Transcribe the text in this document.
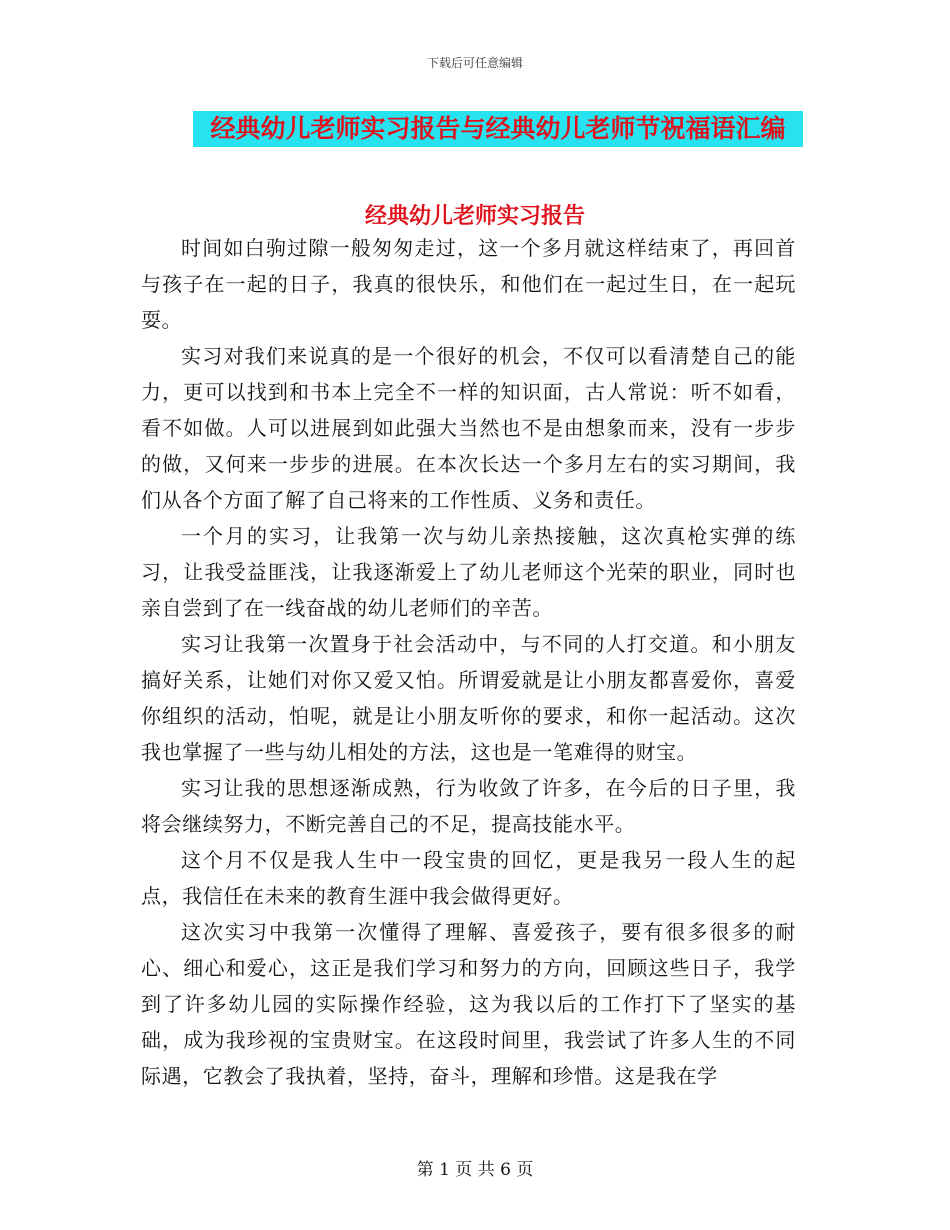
下载后可任意编辑
经典幼儿老师实习报告与经典幼儿老师节祝福语汇编
经典幼儿老师实习报告

时间如白驹过隙一般匆匆走过，这一个多月就这样结束了，再回首与孩子在一起的日子，我真的很快乐，和他们在一起过生日，在一起玩耍。

实习对我们来说真的是一个很好的机会，不仅可以看清楚自己的能力，更可以找到和书本上完全不一样的知识面，古人常说：听不如看，看不如做。人可以进展到如此强大当然也不是由想象而来，没有一步步的做，又何来一步步的进展。在本次长达一个多月左右的实习期间，我们从各个方面了解了自己将来的工作性质、义务和责任。

一个月的实习，让我第一次与幼儿亲热接触，这次真枪实弹的练习，让我受益匪浅，让我逐渐爱上了幼儿老师这个光荣的职业，同时也亲自尝到了在一线奋战的幼儿老师们的辛苦。

实习让我第一次置身于社会活动中，与不同的人打交道。和小朋友搞好关系，让她们对你又爱又怕。所谓爱就是让小朋友都喜爱你，喜爱你组织的活动，怕呢，就是让小朋友听你的要求，和你一起活动。这次我也掌握了一些与幼儿相处的方法，这也是一笔难得的财宝。

实习让我的思想逐渐成熟，行为收敛了许多，在今后的日子里，我将会继续努力，不断完善自己的不足，提高技能水平。

这个月不仅是我人生中一段宝贵的回忆，更是我另一段人生的起点，我信任在未来的教育生涯中我会做得更好。

这次实习中我第一次懂得了理解、喜爱孩子，要有很多很多的耐心、细心和爱心，这正是我们学习和努力的方向，回顾这些日子，我学到了许多幼儿园的实际操作经验，这为我以后的工作打下了坚实的基础，成为我珍视的宝贵财宝。在这段时间里，我尝试了许多人生的不同际遇，它教会了我执着，坚持，奋斗，理解和珍惜。这是我在学

第 1 页 共 6 页
